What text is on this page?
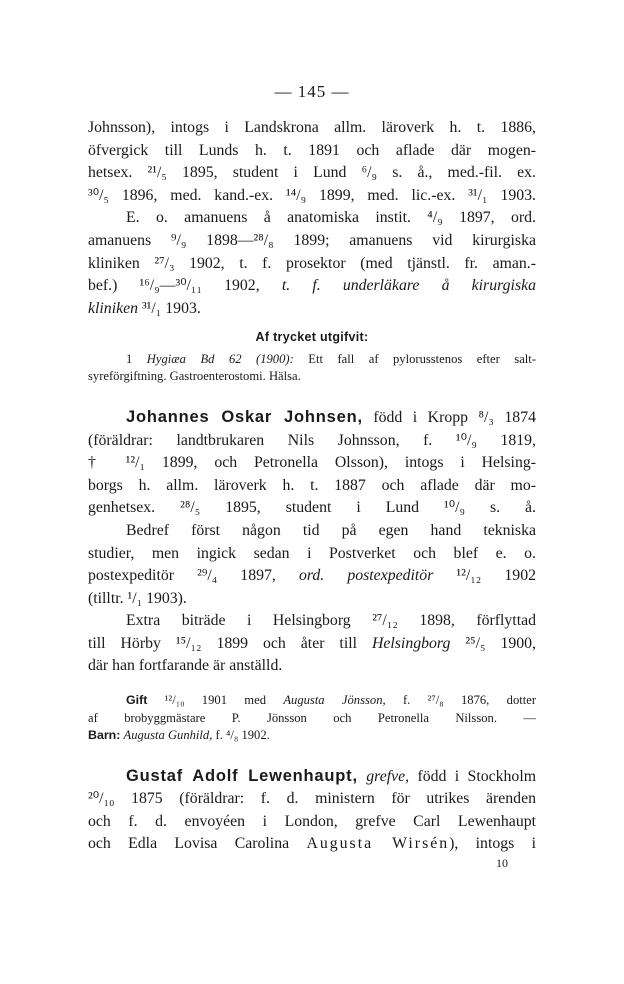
— 145 —
Johnsson), intogs i Landskrona allm. läroverk h. t. 1886,
öfvergick till Lunds h. t. 1891 och aflade där mogen-
hetsex. ²¹/₅ 1895, student i Lund ⁶/₉ s. å., med.-fil. ex.
³⁰/₅ 1896, med. kand.-ex. ¹⁴/₉ 1899, med. lic.-ex. ³¹/₁ 1903.
E. o. amanuens å anatomiska instit. ⁴/₉ 1897, ord.
amanuens ⁹/₉ 1898—²⁸/₈ 1899; amanuens vid kirurgiska
kliniken ²⁷/₃ 1902, t. f. prosektor (med tjänstl. fr. aman.-
bef.) ¹⁶/₉—³⁰/₁₁ 1902, t. f. underläkare å kirurgiska
kliniken ³¹/₁ 1903.
Af trycket utgifvit:
1 Hygiæa Bd 62 (1900): Ett fall af pylorusstenos efter salt-
syreförgiftning. Gastroenterostomi. Hälsa.
Johannes Oskar Johnsen, född i Kropp ⁸/₃ 1874
(föräldrar: landtbrukaren Nils Johnsson, f. ¹⁰/₉ 1819,
† ¹²/₁ 1899, och Petronella Olsson), intogs i Helsing-
borgs h. allm. läroverk h. t. 1887 och aflade där mo-
genhetsex. ²⁸/₅ 1895, student i Lund ¹⁰/₉ s. å.
Bedref först någon tid på egen hand tekniska
studier, men ingick sedan i Postverket och blef e. o.
postexpeditör ²⁹/₄ 1897, ord. postexpeditör ¹²/₁₂ 1902
(tilltr. ¹/₁ 1903).
Extra biträde i Helsingborg ²⁷/₁₂ 1898, förflyttad
till Hörby ¹⁵/₁₂ 1899 och åter till Helsingborg ²⁵/₅ 1900,
där han fortfarande är anställd.
Gift ¹²/₁₀ 1901 med Augusta Jönsson, f. ²⁷/₈ 1876, dotter
af brobyggmästare P. Jönsson och Petronella Nilsson. —
Barn: Augusta Gunhild, f. ⁴/₈ 1902.
Gustaf Adolf Lewenhaupt, grefve, född i Stockholm
²⁰/₁₀ 1875 (föräldrar: f. d. ministern för utrikes ärenden
och f. d. envoyéen i London, grefve Carl Lewenhaupt
och Edla Lovisa Carolina Augusta Wirsén), intogs i
10
